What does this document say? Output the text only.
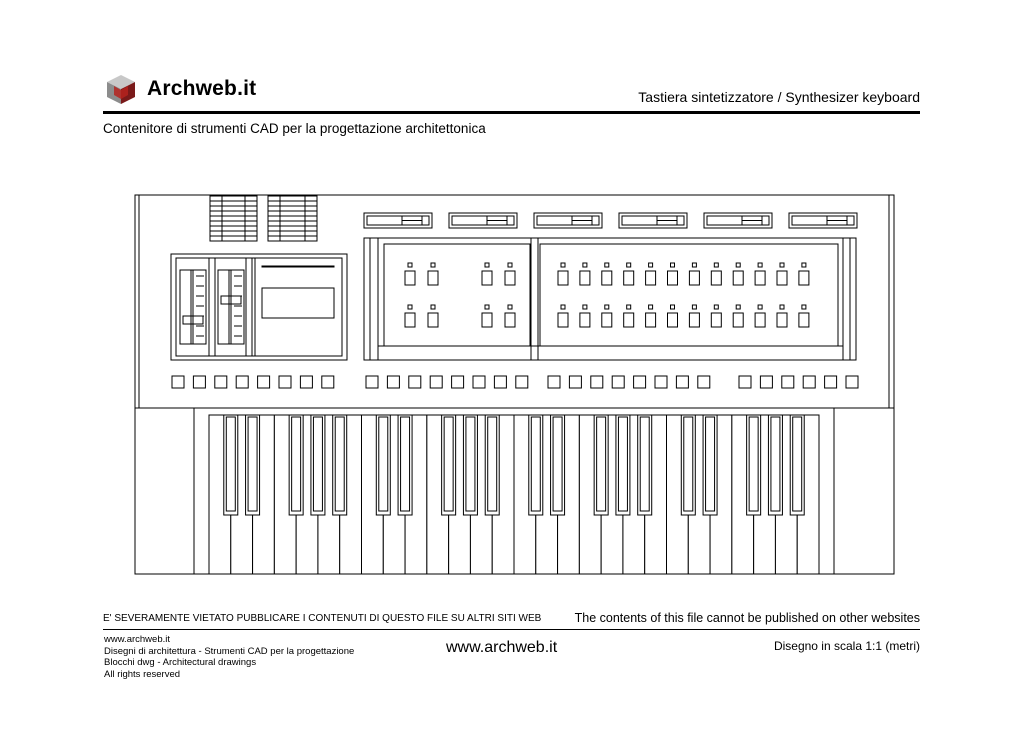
Archweb.it	Tastiera sintetizzatore / Synthesizer keyboard
Contenitore di strumenti CAD per la progettazione architettonica
E' SEVERAMENTE VIETATO PUBBLICARE I CONTENUTI DI QUESTO FILE SU ALTRI SITI WEB	The contents of this file cannot be published on other websites
www.archweb.it
Disegni di architettura - Strumenti CAD per la progettazione
Blocchi dwg - Architectural drawings
All rights reserved
www.archweb.it	Disegno in scala 1:1 (metri)
